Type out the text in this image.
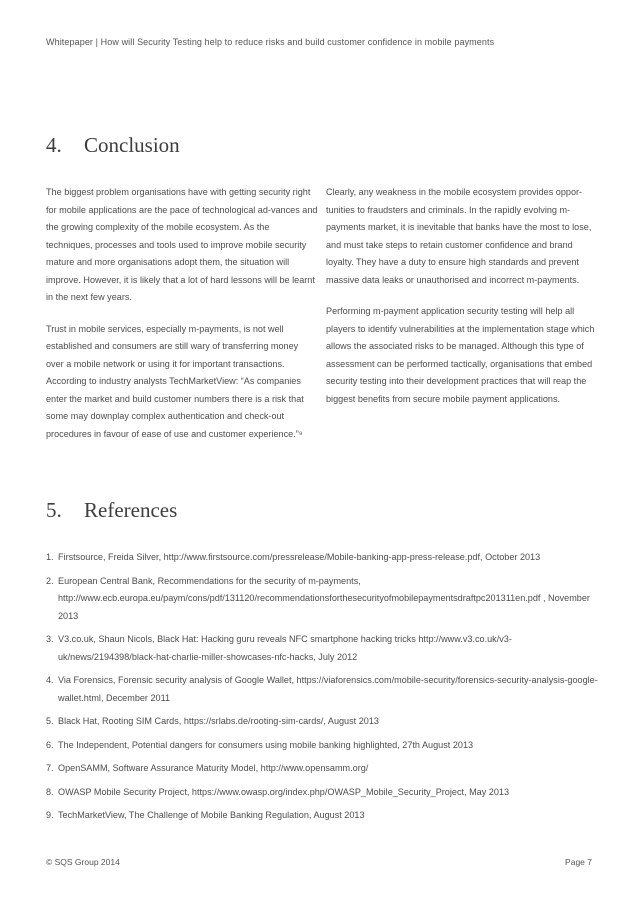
Whitepaper | How will Security Testing help to reduce risks and build customer confidence in mobile payments
4.	Conclusion

The biggest problem organisations have with getting security right for mobile applications are the pace of technological ad-vances and the growing complexity of the mobile ecosystem. As the techniques, processes and tools used to improve mobile security mature and more organisations adopt them, the situation will improve. However, it is likely that a lot of hard lessons will be learnt in the next few years.

Trust in mobile services, especially m-payments, is not well established and consumers are still wary of transferring money over a mobile network or using it for important transactions. According to industry analysts TechMarketView: “As companies enter the market and build customer numbers there is a risk that some may downplay complex authentication and check-out procedures in favour of ease of use and customer experience.”⁹

Clearly, any weakness in the mobile ecosystem provides oppor-tunities to fraudsters and criminals. In the rapidly evolving m-payments market, it is inevitable that banks have the most to lose, and must take steps to retain customer confidence and brand loyalty. They have a duty to ensure high standards and prevent massive data leaks or unauthorised and incorrect m-payments.

Performing m-payment application security testing will help all players to identify vulnerabilities at the implementation stage which allows the associated risks to be managed. Although this type of assessment can be performed tactically, organisations that embed security testing into their development practices that will reap the biggest benefits from secure mobile payment applications.

5.	References
1. Firstsource, Freida Silver, http://www.firstsource.com/pressrelease/Mobile-banking-app-press-release.pdf, October 2013
2. European Central Bank, Recommendations for the security of m-payments, http://www.ecb.europa.eu/paym/cons/pdf/131120/recommendationsforthesecurityofmobilepaymentsdraftpc201311en.pdf , November 2013
3. V3.co.uk, Shaun Nicols, Black Hat: Hacking guru reveals NFC smartphone hacking tricks http://www.v3.co.uk/v3-uk/news/2194398/black-hat-charlie-miller-showcases-nfc-hacks, July 2012
4. Via Forensics, Forensic security analysis of Google Wallet, https://viaforensics.com/mobile-security/forensics-security-analysis-google-wallet.html, December 2011
5. Black Hat, Rooting SIM Cards, https://srlabs.de/rooting-sim-cards/, August 2013
6. The Independent, Potential dangers for consumers using mobile banking highlighted, 27th August 2013
7. OpenSAMM, Software Assurance Maturity Model, http://www.opensamm.org/
8. OWASP Mobile Security Project, https://www.owasp.org/index.php/OWASP_Mobile_Security_Project, May 2013
9. TechMarketView, The Challenge of Mobile Banking Regulation, August 2013
© SQS Group 2014	Page 7
